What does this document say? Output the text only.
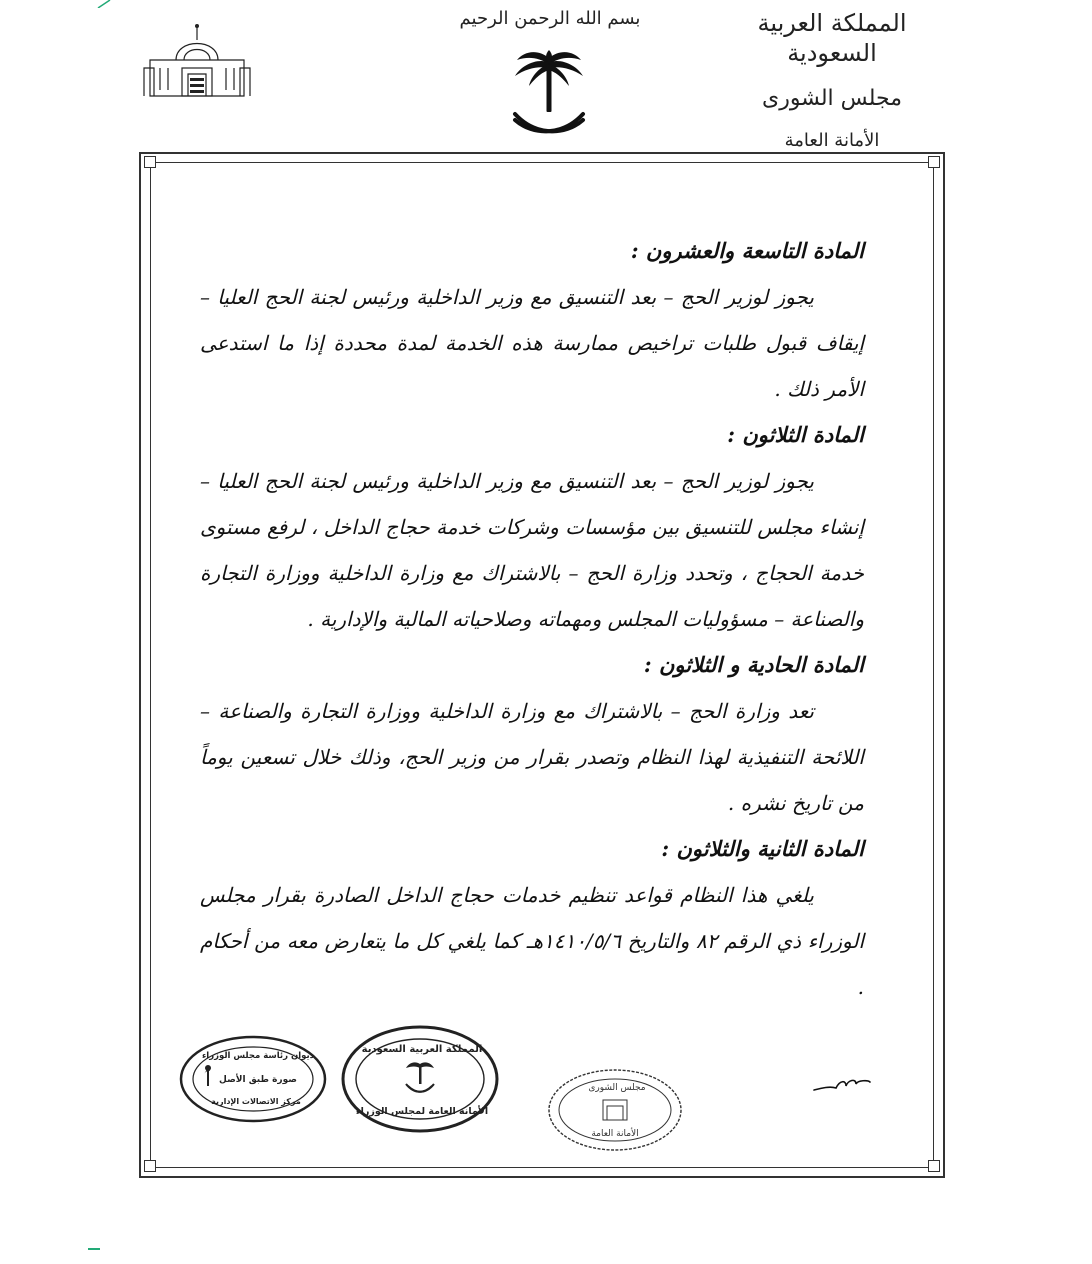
المملكة العربية السعودية
مجلس الشورى
الأمانة العامة
بسم الله الرحمن الرحيم

المادة التاسعة والعشرون :

يجوز لوزير الحج – بعد التنسيق مع وزير الداخلية ورئيس لجنة الحج العليا – إيقاف قبول طلبات تراخيص ممارسة هذه الخدمة لمدة محددة إذا ما استدعى الأمر ذلك .

المادة الثلاثون :

يجوز لوزير الحج – بعد التنسيق مع وزير الداخلية ورئيس لجنة الحج العليا – إنشاء مجلس للتنسيق بين مؤسسات وشركات خدمة حجاج الداخل ، لرفع مستوى خدمة الحجاج ، وتحدد وزارة الحج – بالاشتراك مع وزارة الداخلية ووزارة التجارة والصناعة – مسؤوليات المجلس ومهماته وصلاحياته المالية والإدارية .

المادة الحادية و الثلاثون :

تعد وزارة الحج – بالاشتراك مع وزارة الداخلية ووزارة التجارة والصناعة – اللائحة التنفيذية لهذا النظام وتصدر بقرار من وزير الحج، وذلك خلال تسعين يوماً من تاريخ نشره .

المادة الثانية والثلاثون :

يلغي هذا النظام قواعد تنظيم خدمات حجاج الداخل الصادرة بقرار مجلس الوزراء ذي الرقم ٨٢ والتاريخ ١٤١٠/٥/٦هـ كما يلغي كل ما يتعارض معه من أحكام .

ديوان رئاسة مجلس الوزراء
صورة طبق الأصل
مركز الاتصالات الإدارية
المملكة العربية السعودية
الأمانة العامة لمجلس الوزراء
مجلس الشورى
الأمانة العامة
